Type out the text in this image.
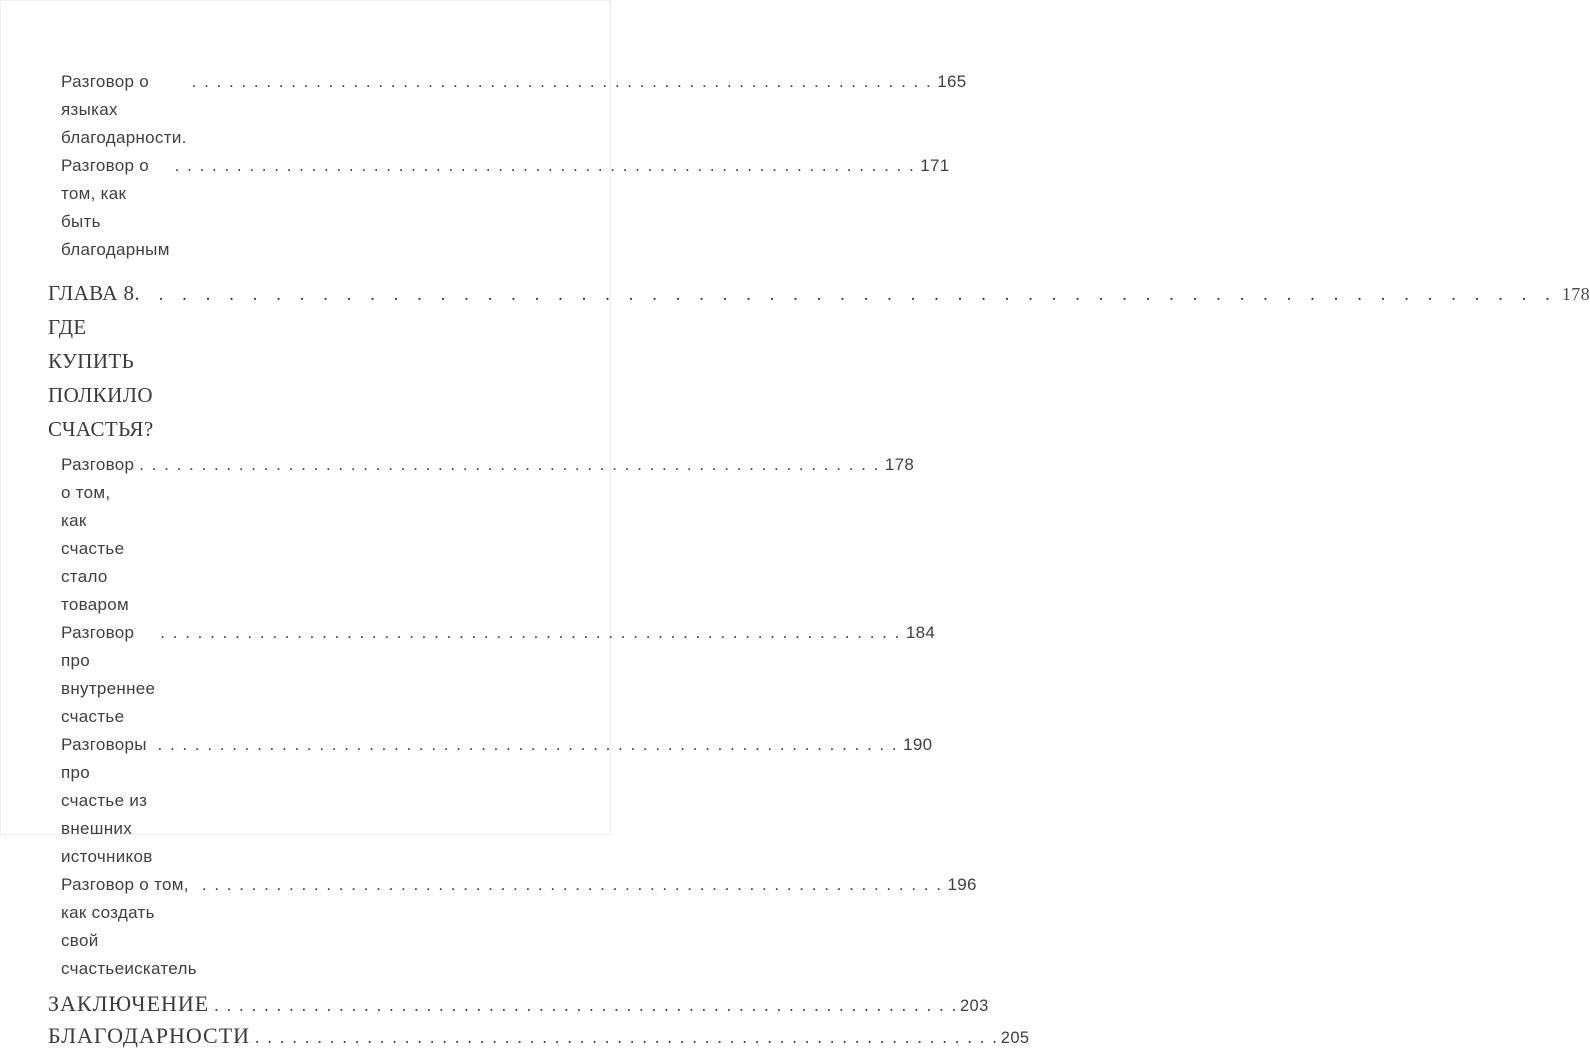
Разговор о языках благодарности.
. . .
165
Разговор о том, как быть благодарным
. . .
171
ГЛАВА 8. ГДЕ КУПИТЬ ПОЛКИЛО СЧАСТЬЯ?
. . .
178
Разговор о том, как счастье стало товаром
. . .
178
Разговор про внутреннее счастье
. . .
184
Разговоры про счастье из внешних источников
. . .
190
Разговор о том, как создать свой счастьеискатель
. . .
196
ЗАКЛЮЧЕНИЕ . . .	203
БЛАГОДАРНОСТИ . . .	205
